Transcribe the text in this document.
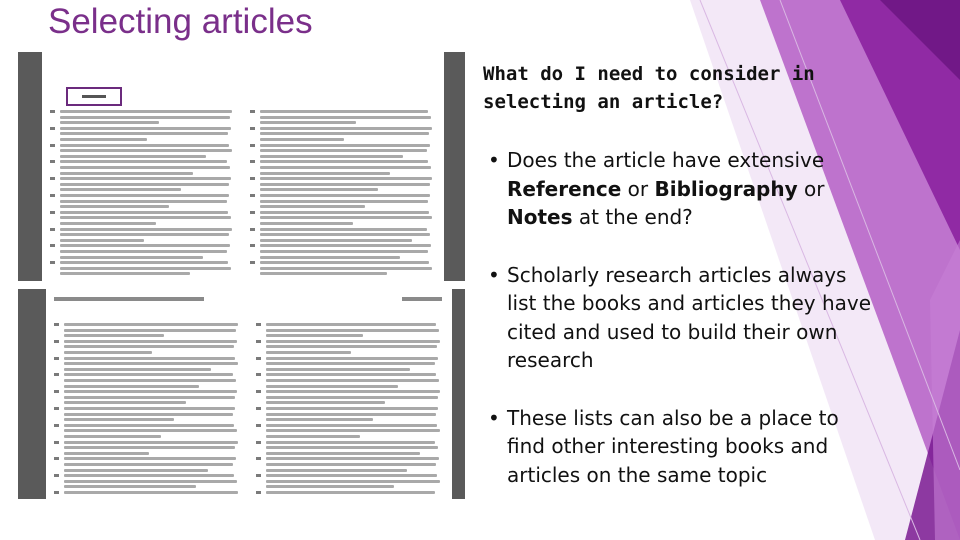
Selecting articles

What do I need to consider in selecting an article?

• Does the article have extensive Reference or Bibliography or Notes at the end?
• Scholarly research articles always list the books and articles they have cited and used to build their own research
• These lists can also be a place to find other interesting books and articles on the same topic
